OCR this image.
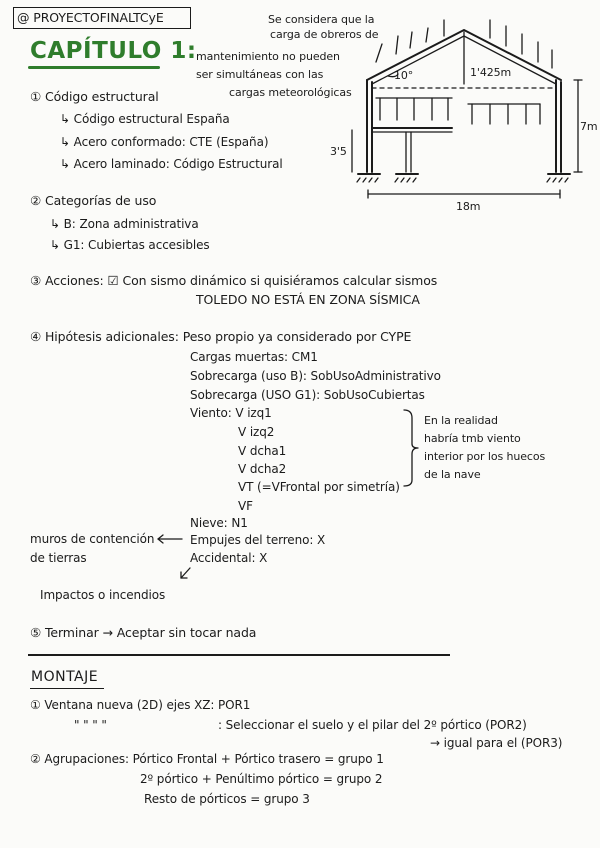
@ PROYECTOFINALTCyE
CAPÍTULO 1:
Se considera que la
carga de obreros de
mantenimiento no pueden
ser simultáneas con las
cargas meteorológicas
1'425m
10°
7m
3'5
18m
① Código estructural
↳ Código estructural España
↳ Acero conformado: CTE (España)
↳ Acero laminado: Código Estructural
② Categorías de uso
↳ B: Zona administrativa
↳ G1: Cubiertas accesibles
③ Acciones: ☑ Con sismo dinámico si quisiéramos calcular sismos
TOLEDO NO ESTÁ EN ZONA SÍSMICA
④ Hipótesis adicionales: Peso propio ya considerado por CYPE
Cargas muertas: CM1
Sobrecarga (uso B): SobUsoAdministrativo
Sobrecarga (USO G1): SobUsoCubiertas
Viento: V izq1
V izq2
V dcha1
V dcha2
VT (=VFrontal por simetría)
VF
En la realidad
habría tmb viento
interior por los huecos
de la nave
Nieve: N1
muros de contención
de tierras
Empujes del terreno: X
Accidental: X
Impactos o incendios
⑤ Terminar → Aceptar sin tocar nada
MONTAJE
① Ventana nueva (2D) ejes XZ: POR1
" " " "	: Seleccionar el suelo y el pilar del 2º pórtico (POR2)
→ igual para el (POR3)
② Agrupaciones: Pórtico Frontal + Pórtico trasero = grupo 1
2º pórtico + Penúltimo pórtico = grupo 2
Resto de pórticos = grupo 3
